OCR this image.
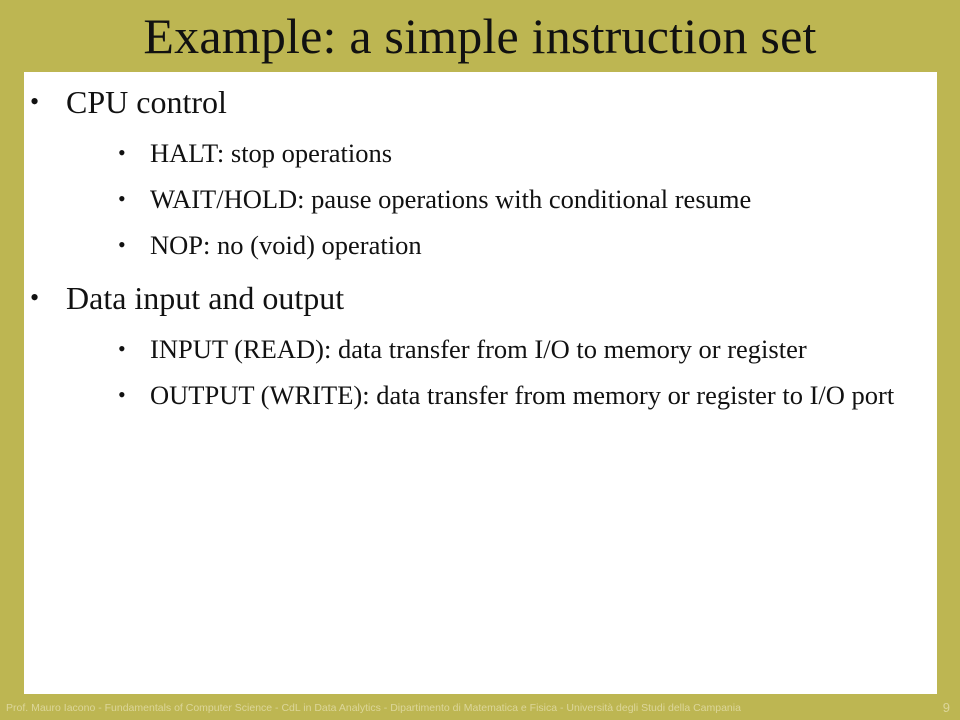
Example: a simple instruction set
• CPU control
• HALT: stop operations
• WAIT/HOLD: pause operations with conditional resume
• NOP: no (void) operation
• Data input and output
• INPUT (READ): data transfer from I/O to memory or register
• OUTPUT (WRITE): data transfer from memory or register to I/O port
Prof. Mauro Iacono - Fundamentals of Computer Science - CdL in Data Analytics - Dipartimento di Matematica e Fisica - Università degli Studi della Campania	9
